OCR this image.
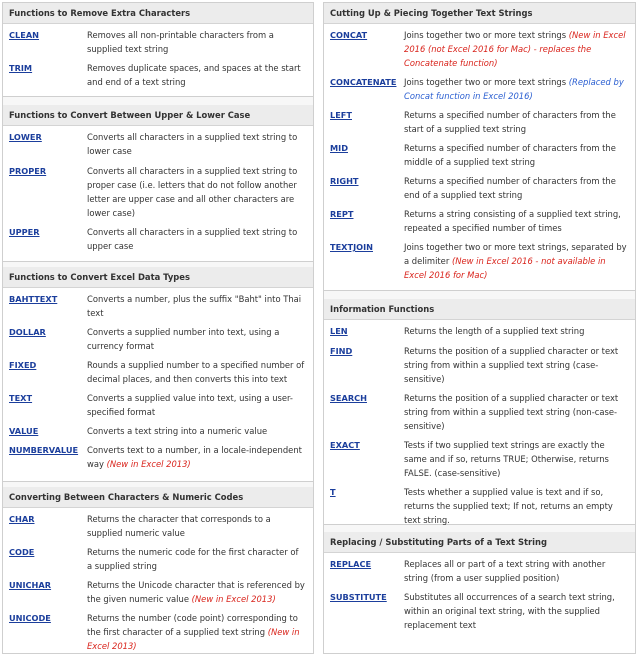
Functions to Remove Extra Characters
CLEAN	Removes all non-printable characters from a supplied text string
TRIM	Removes duplicate spaces, and spaces at the start and end of a text string
Functions to Convert Between Upper & Lower Case
LOWER	Converts all characters in a supplied text string to lower case
PROPER	Converts all characters in a supplied text string to proper case (i.e. letters that do not follow another letter are upper case and all other characters are lower case)
UPPER	Converts all characters in a supplied text string to upper case
Functions to Convert Excel Data Types
BAHTTEXT	Converts a number, plus the suffix "Baht" into Thai text
DOLLAR	Converts a supplied number into text, using a currency format
FIXED	Rounds a supplied number to a specified number of decimal places, and then converts this into text
TEXT	Converts a supplied value into text, using a user-specified format
VALUE	Converts a text string into a numeric value
NUMBERVALUE Converts text to a number, in a locale-independent way (New in Excel 2013)
Converting Between Characters & Numeric Codes
CHAR	Returns the character that corresponds to a supplied numeric value
CODE	Returns the numeric code for the first character of a supplied string
UNICHAR	Returns the Unicode character that is referenced by the given numeric value (New in Excel 2013)
UNICODE	Returns the number (code point) corresponding to the first character of a supplied text string (New in Excel 2013)
Cutting Up & Piecing Together Text Strings
CONCAT	Joins together two or more text strings (New in Excel 2016 (not Excel 2016 for Mac) - replaces the Concatenate function)
CONCATENATE Joins together two or more text strings (Replaced by Concat function in Excel 2016)
LEFT	Returns a specified number of characters from the start of a supplied text string
MID	Returns a specified number of characters from the middle of a supplied text string
RIGHT	Returns a specified number of characters from the end of a supplied text string
REPT	Returns a string consisting of a supplied text string, repeated a specified number of times
TEXTJOIN	Joins together two or more text strings, separated by a delimiter (New in Excel 2016 - not available in Excel 2016 for Mac)
Information Functions
LEN	Returns the length of a supplied text string
FIND	Returns the position of a supplied character or text string from within a supplied text string (case-sensitive)
SEARCH	Returns the position of a supplied character or text string from within a supplied text string (non-case-sensitive)
EXACT	Tests if two supplied text strings are exactly the same and if so, returns TRUE; Otherwise, returns FALSE. (case-sensitive)
T	Tests whether a supplied value is text and if so, returns the supplied text; If not, returns an empty text string.
Replacing / Substituting Parts of a Text String
REPLACE	Replaces all or part of a text string with another string (from a user supplied position)
SUBSTITUTE Substitutes all occurrences of a search text string, within an original text string, with the supplied replacement text
